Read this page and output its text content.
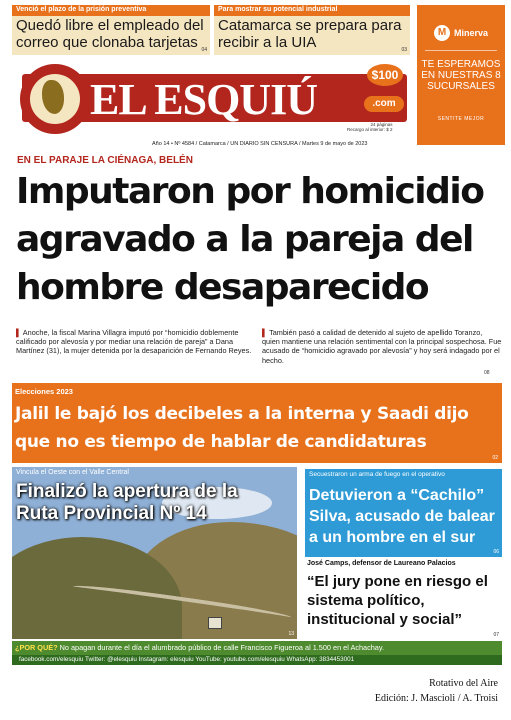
Venció el plazo de la prisión preventiva
Quedó libre el empleado del correo que clonaba tarjetas 04
Para mostrar su potencial industrial
Catamarca se prepara para recibir a la UIA	03
M Minerva
TE ESPERAMOS EN NUESTRAS 8 SUCURSALES
SENTITE MEJOR
EL ESQUIÚ	$100
.com
24 páginas
Recargo al interior: $ 2
Año 14 • Nº 4584 / Catamarca / UN DIARIO SIN CENSURA / Martes 9 de mayo de 2023
EN EL PARAJE LA CIÉNAGA, BELÉN
Imputaron por homicidio agravado a la pareja del hombre desaparecido
▌ Anoche, la fiscal Marina Villagra imputó por “homicidio doblemente calificado por alevosía y por mediar una relación de pareja” a Dana Martínez (31), la mujer detenida por la desaparición de Fernando Reyes.
▌ También pasó a calidad de detenido al sujeto de apellido Toranzo, quien mantiene una relación sentimental con la principal sospechosa. Fue acusado de “homicidio agravado por alevosía” y hoy será indagado por el hecho.
08
Elecciones 2023
Jalil le bajó los decibeles a la interna y Saadi dijo que no es tiempo de hablar de candidaturas
02
Vincula el Oeste con el Valle Central
Finalizó la apertura de la Ruta Provincial Nº 14
13
Secuestraron un arma de fuego en el operativo
Detuvieron a “Cachilo” Silva, acusado de balear a un hombre en el sur
06
José Camps, defensor de Laureano Palacios
“El jury pone en riesgo el sistema político, institucional y social”
07
¿POR QUÉ? No apagan durante el día el alumbrado público de calle Francisco Figueroa al 1.500 en el Achachay.
facebook.com/elesquiu Twitter: @elesquiu Instagram: elesquiu YouTube: youtube.com/elesquiu WhatsApp: 3834453001
Rotativo del Aire
Edición: J. Mascioli / A. Troisi
